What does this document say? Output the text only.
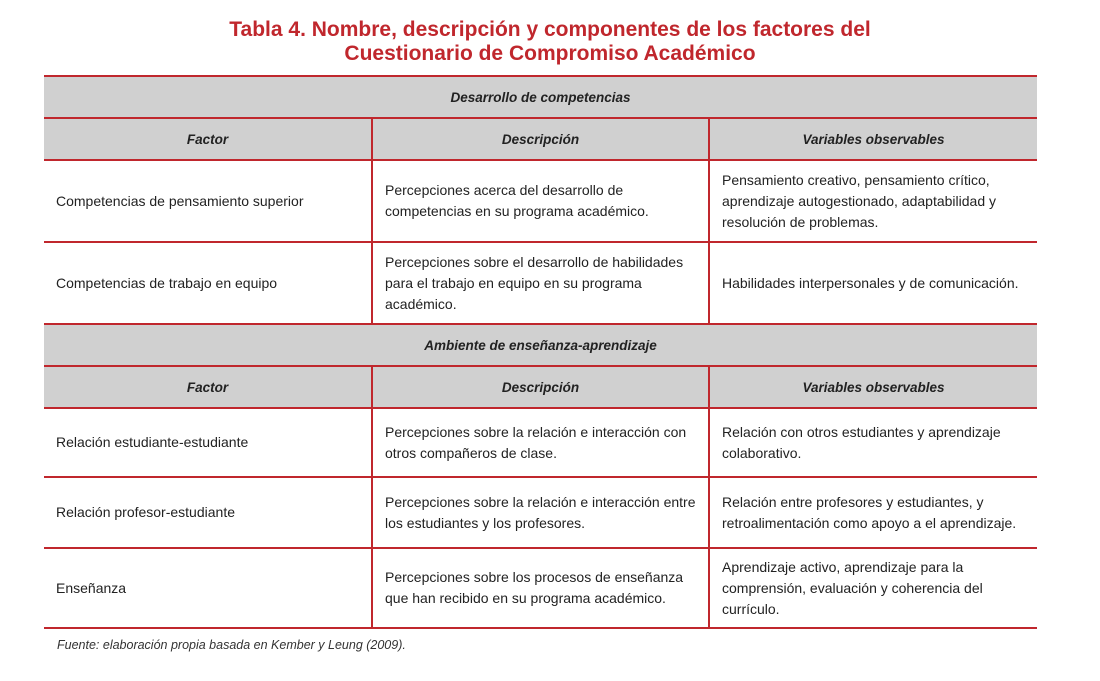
Tabla 4. Nombre, descripción y componentes de los factores del
Cuestionario de Compromiso Académico
Desarrollo de competencias		
Factor	Descripción	Variables observables
Competencias de pensamiento superior	Percepciones acerca del desarrollo de competencias en su programa académico.	Pensamiento creativo, pensamiento crítico, aprendizaje autogestionado, adaptabilidad y resolución de problemas.
Competencias de trabajo en equipo	Percepciones sobre el desarrollo de habilidades para el trabajo en equipo en su programa académico.	Habilidades interpersonales y de comunicación.
Ambiente de enseñanza-aprendizaje		
Factor	Descripción	Variables observables
Relación estudiante-estudiante	Percepciones sobre la relación e interacción con otros compañeros de clase.	Relación con otros estudiantes y aprendizaje colaborativo.
Relación profesor-estudiante	Percepciones sobre la relación e interacción entre los estudiantes y los profesores.	Relación entre profesores y estudiantes, y retroalimentación como apoyo a el aprendizaje.
Enseñanza	Percepciones sobre los procesos de enseñanza que han recibido en su programa académico.	Aprendizaje activo, aprendizaje para la comprensión, evaluación y coherencia del currículo.
Fuente: elaboración propia basada en Kember y Leung (2009).
